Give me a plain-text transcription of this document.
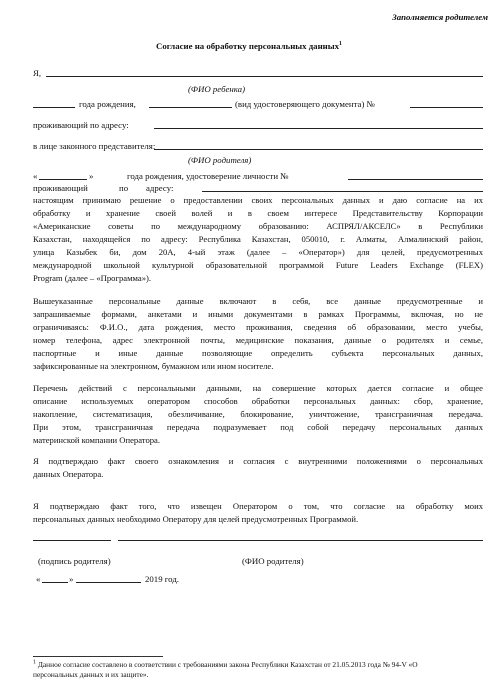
Заполняется родителем
Согласие на обработку персональных данных$^1$
Я,
(ФИО ребенка)
года рождения,	(вид удостоверяющего документа) №
проживающий по адресу:
в лице законного представителя:
(ФИО родителя)
«	»	года рождения, удостоверение личности №
проживающий	по адресу:
настоящим принимаю решение о предоставлении своих персональных данных и даю согласие на их
обработку и хранение своей волей и в своем интересе Представительству Корпорации
«Американские советы по международному образованию: АСПРЯЛ/АКСЕЛС» в Республики
Казахстан, находящейся по адресу: Республика Казахстан, 050010, г. Алматы, Алмалинский район,
улица Казыбек би, дом 20А, 4-ый этаж (далее – «Оператор») для целей, предусмотренных
международной школьной культурной образовательной программой Future Leaders Exchange (FLEX)
Program (далее – «Программа»).
Вышеуказанные персональные данные включают в себя, все данные предусмотренные и
запрашиваемые формами, анкетами и иными документами в рамках Программы, включая, но не
ограничиваясь: Ф.И.О., дата рождения, место проживания, сведения об образовании, место учебы,
номер телефона, адрес электронной почты, медицинские показания, данные о родителях и семье,
паспортные и иные данные позволяющие определить субъекта персональных данных,
зафиксированные на электронном, бумажном или ином носителе.
Перечень действий с персональными данными, на совершение которых дается согласие и общее
описание используемых оператором способов обработки персональных данных: сбор, хранение,
накопление, систематизация, обезличивание, блокирование, уничтожение, трансграничная передача.
При этом, трансграничная передача подразумевает под собой передачу персональных данных
материнской компании Оператора.
Я подтверждаю факт своего ознакомления и согласия с внутренними положениями о персональных
данных Оператора.
Я подтверждаю факт того, что извещен Оператором о том, что согласие на обработку моих
персональных данных необходимо Оператору для целей предусмотренных Программой.
(подпись родителя)	(ФИО родителя)
«	»	2019 год.
$^1$ Данное согласие составлено в соответствии с требованиями закона Республики Казахстан от 21.05.2013 года № 94-V «О
персональных данных и их защите».
